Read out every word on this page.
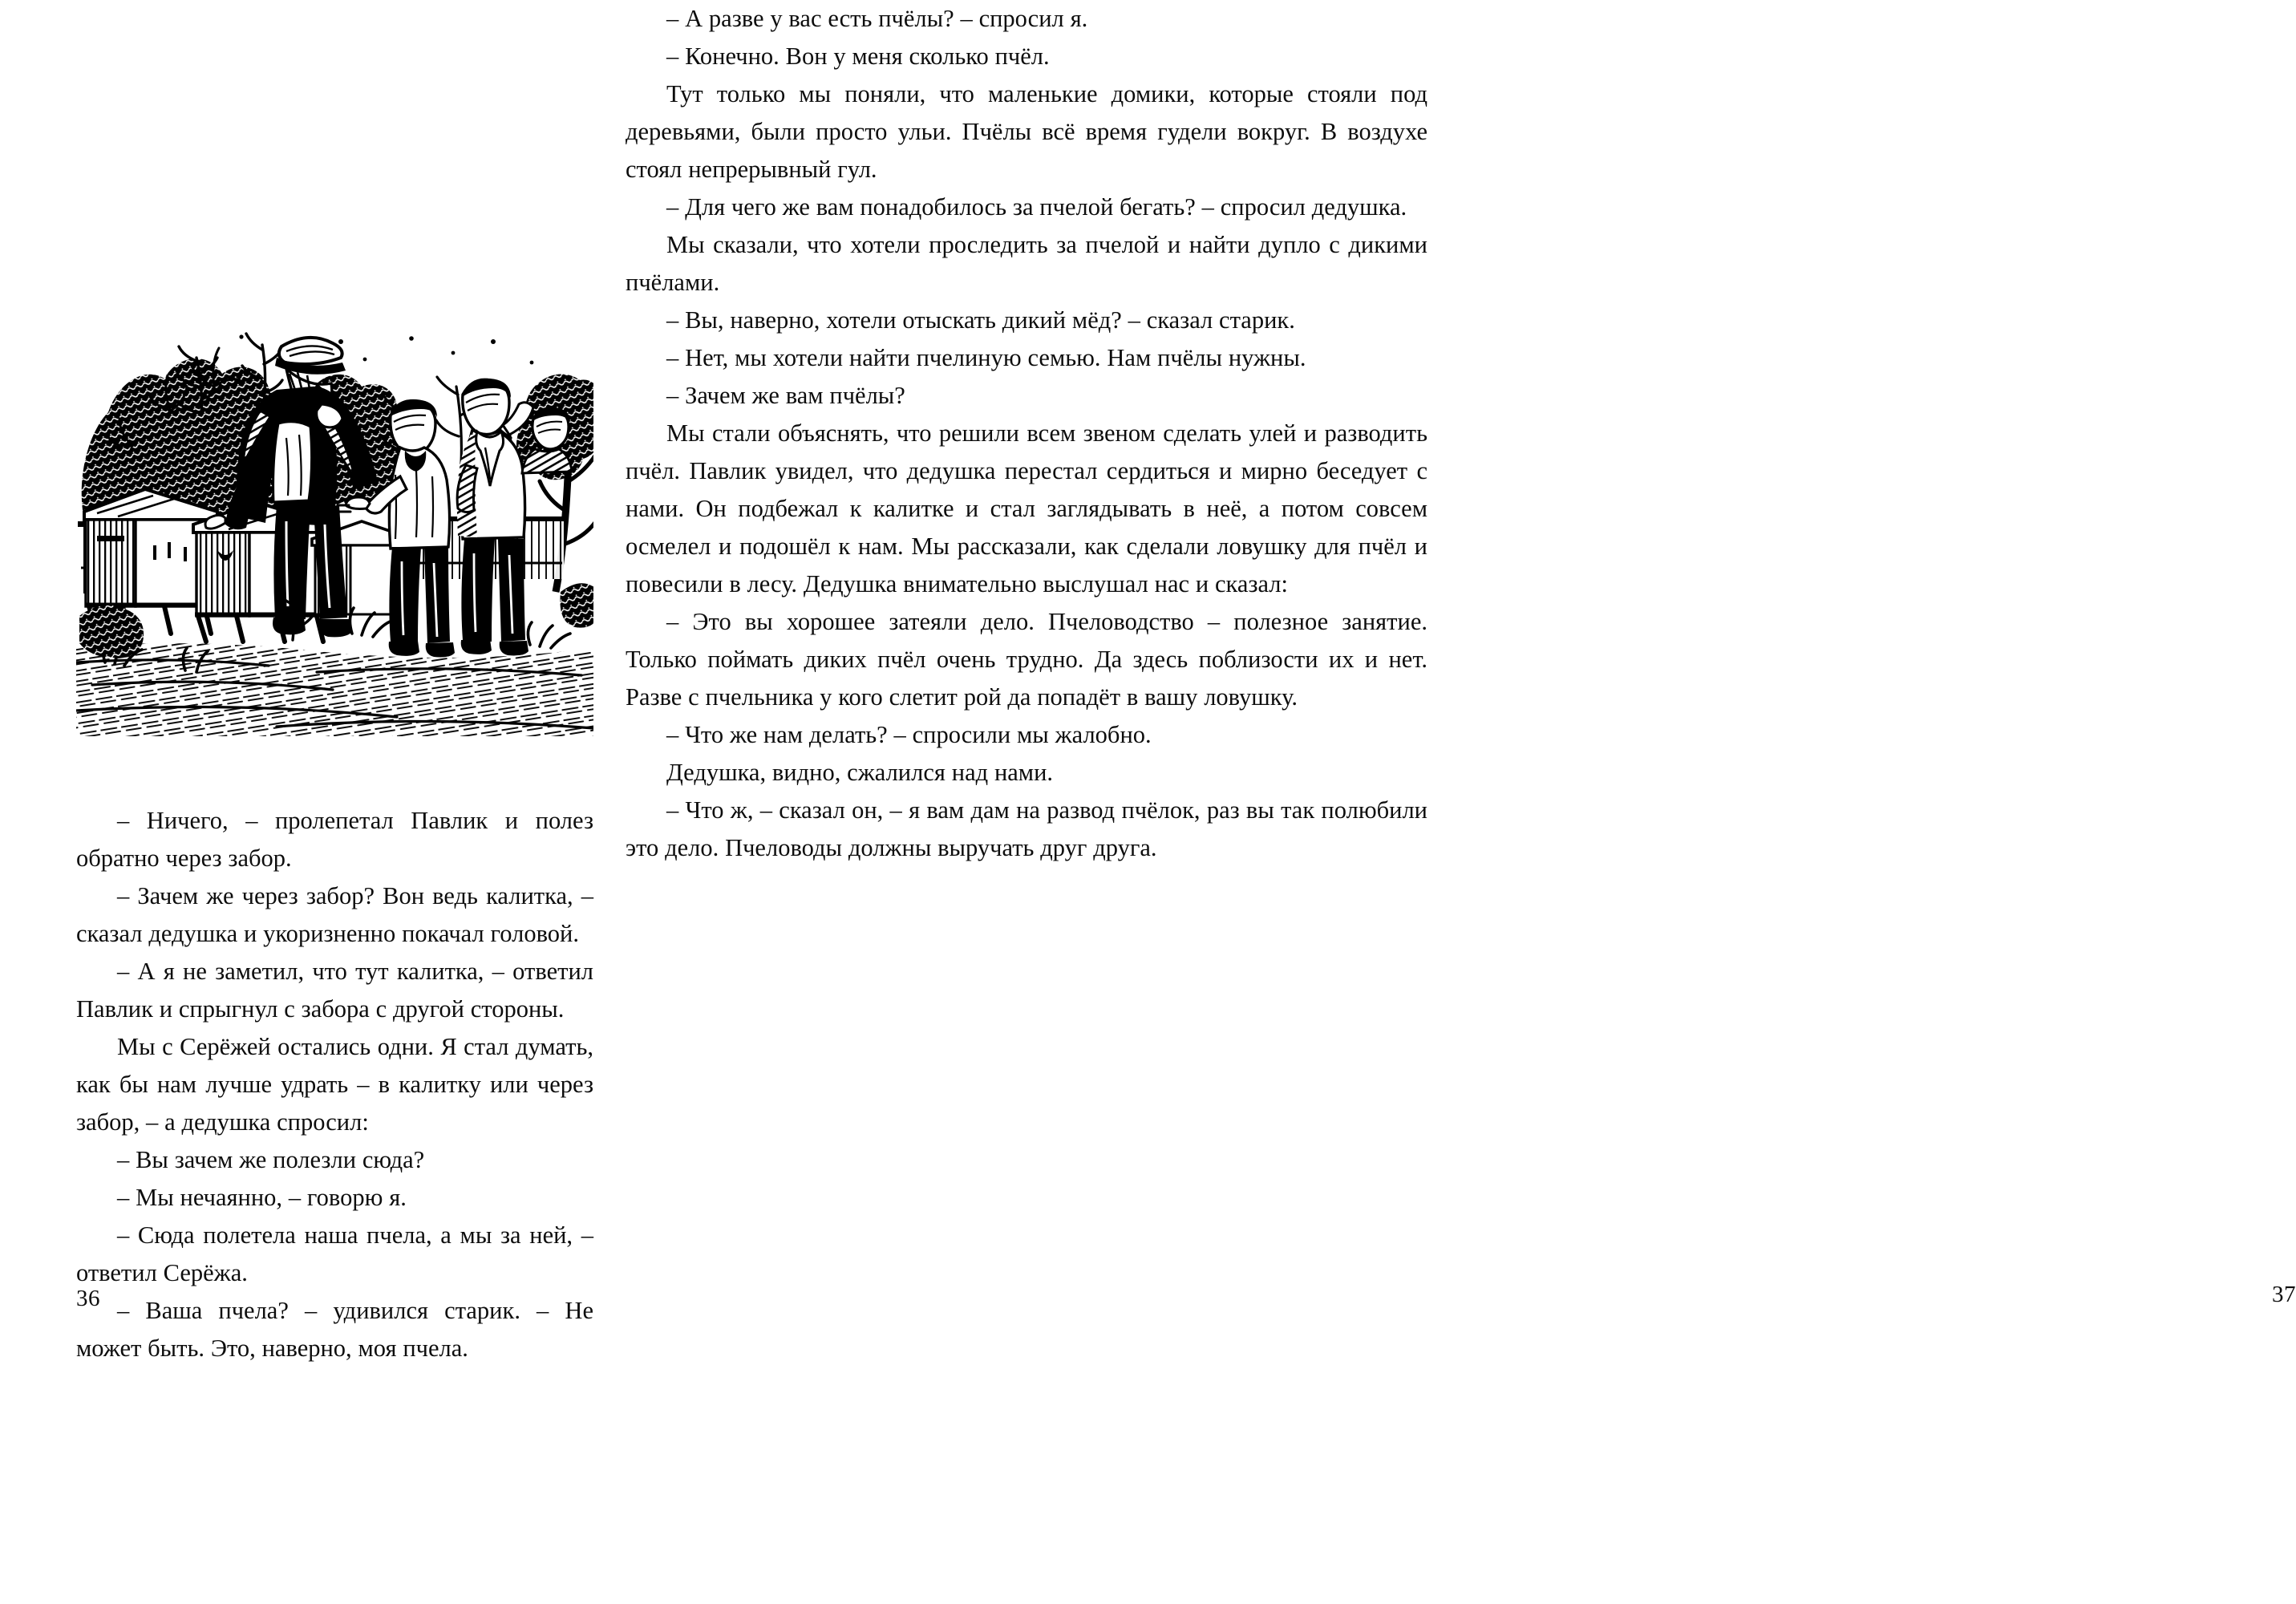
– Ничего, – пролепетал Павлик и полез обратно через забор.

– Зачем же через забор? Вон ведь калитка, – сказал дедушка и укоризненно покачал головой.

– А я не заметил, что тут калитка, – ответил Павлик и спрыгнул с забора с другой стороны.

Мы с Серёжей остались одни. Я стал думать, как бы нам лучше удрать – в калитку или через забор, – а дедушка спросил:

– Вы зачем же полезли сюда?

– Мы нечаянно, – говорю я.

– Сюда полетела наша пчела, а мы за ней, – ответил Серёжа.

– Ваша пчела? – удивился старик. – Не может быть. Это, наверно, моя пчела.

36

– А разве у вас есть пчёлы? – спросил я.

– Конечно. Вон у меня сколько пчёл.

Тут только мы поняли, что маленькие домики, которые стояли под деревьями, были просто ульи. Пчёлы всё время гудели вокруг. В воздухе стоял непрерывный гул.

– Для чего же вам понадобилось за пчелой бегать? – спросил дедушка.

Мы сказали, что хотели проследить за пчелой и найти дупло с дикими пчёлами.

– Вы, наверно, хотели отыскать дикий мёд? – сказал старик.

– Нет, мы хотели найти пчелиную семью. Нам пчёлы нужны.

– Зачем же вам пчёлы?

Мы стали объяснять, что решили всем звеном сделать улей и разводить пчёл. Павлик увидел, что дедушка перестал сердиться и мирно беседует с нами. Он подбежал к калитке и стал заглядывать в неё, а потом совсем осмелел и подошёл к нам. Мы рассказали, как сделали ловушку для пчёл и повесили в лесу. Дедушка внимательно выслушал нас и сказал:

– Это вы хорошее затеяли дело. Пчеловодство – полезное занятие. Только поймать диких пчёл очень трудно. Да здесь поблизости их и нет. Разве с пчельника у кого слетит рой да попадёт в вашу ловушку.

– Что же нам делать? – спросили мы жалобно.

Дедушка, видно, сжалился над нами.

– Что ж, – сказал он, – я вам дам на развод пчёлок, раз вы так полюбили это дело. Пчеловоды должны выручать друг друга.

37
